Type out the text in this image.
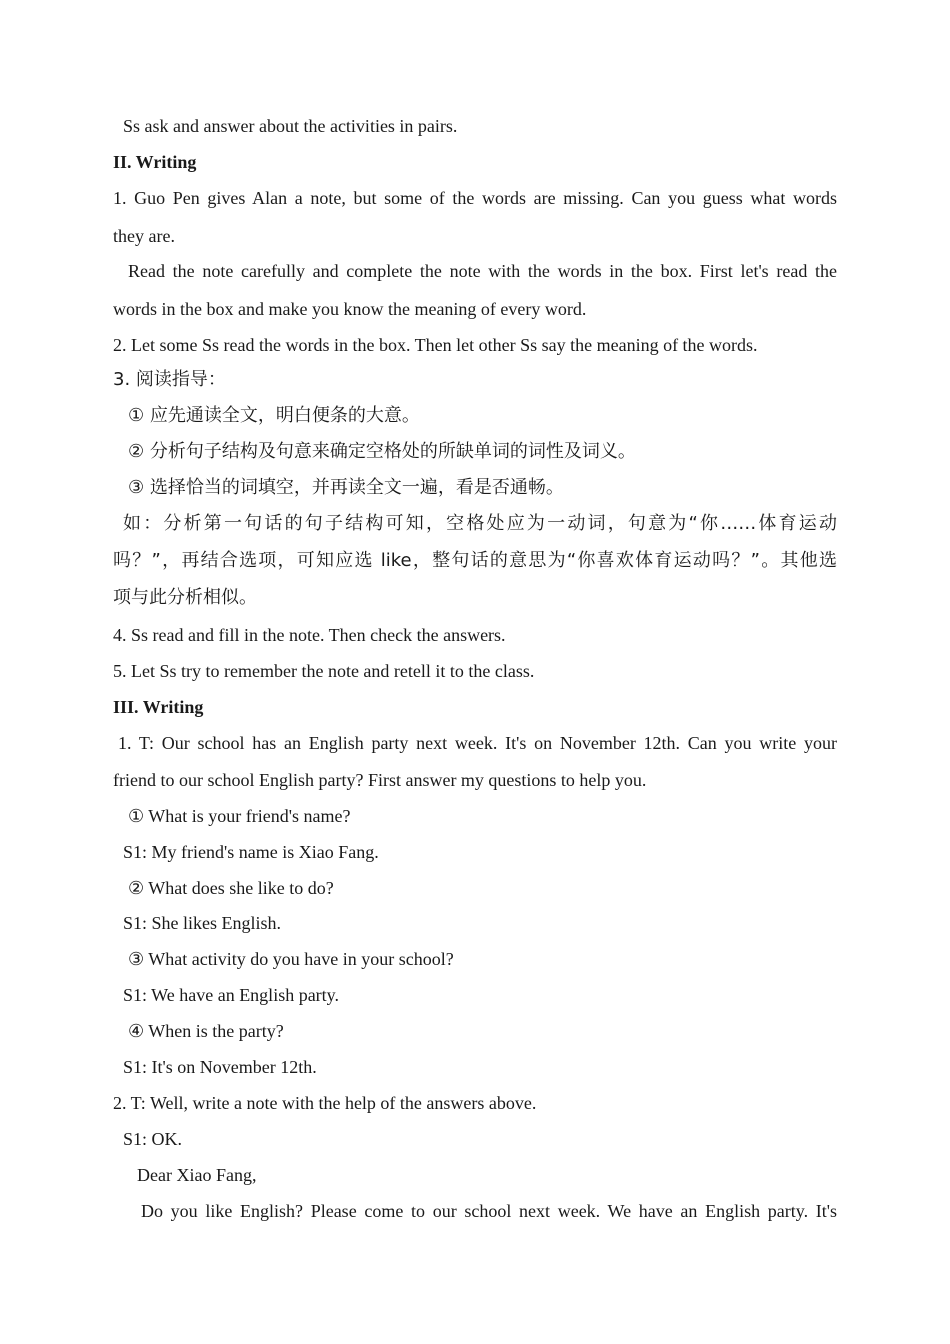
Ss ask and answer about the activities in pairs.
II. Writing
1. Guo Pen gives Alan a note, but some of the words are missing. Can you guess what words
they are.
Read the note carefully and complete the note with the words in the box. First let's read the
words in the box and make you know the meaning of every word.
2. Let some Ss read the words in the box. Then let other Ss say the meaning of the words.
3. 阅读指导：
① 应先通读全文，明白便条的大意。
② 分析句子结构及句意来确定空格处的所缺单词的词性及词义。
③ 选择恰当的词填空，并再读全文一遍，看是否通畅。
如：分析第一句话的句子结构可知，空格处应为一动词，句意为“你……体育运动
吗？”，再结合选项，可知应选 like，整句话的意思为“你喜欢体育运动吗？”。其他选
项与此分析相似。
4. Ss read and fill in the note. Then check the answers.
5. Let Ss try to remember the note and retell it to the class.
III. Writing
1. T: Our school has an English party next week. It's on November 12th. Can you write your
friend to our school English party? First answer my questions to help you.
① What is your friend's name?
S1: My friend's name is Xiao Fang.
② What does she like to do?
S1: She likes English.
③ What activity do you have in your school?
S1: We have an English party.
④ When is the party?
S1: It's on November 12th.
2. T: Well, write a note with the help of the answers above.
S1: OK.
Dear Xiao Fang,
Do you like English? Please come to our school next week. We have an English party. It's
